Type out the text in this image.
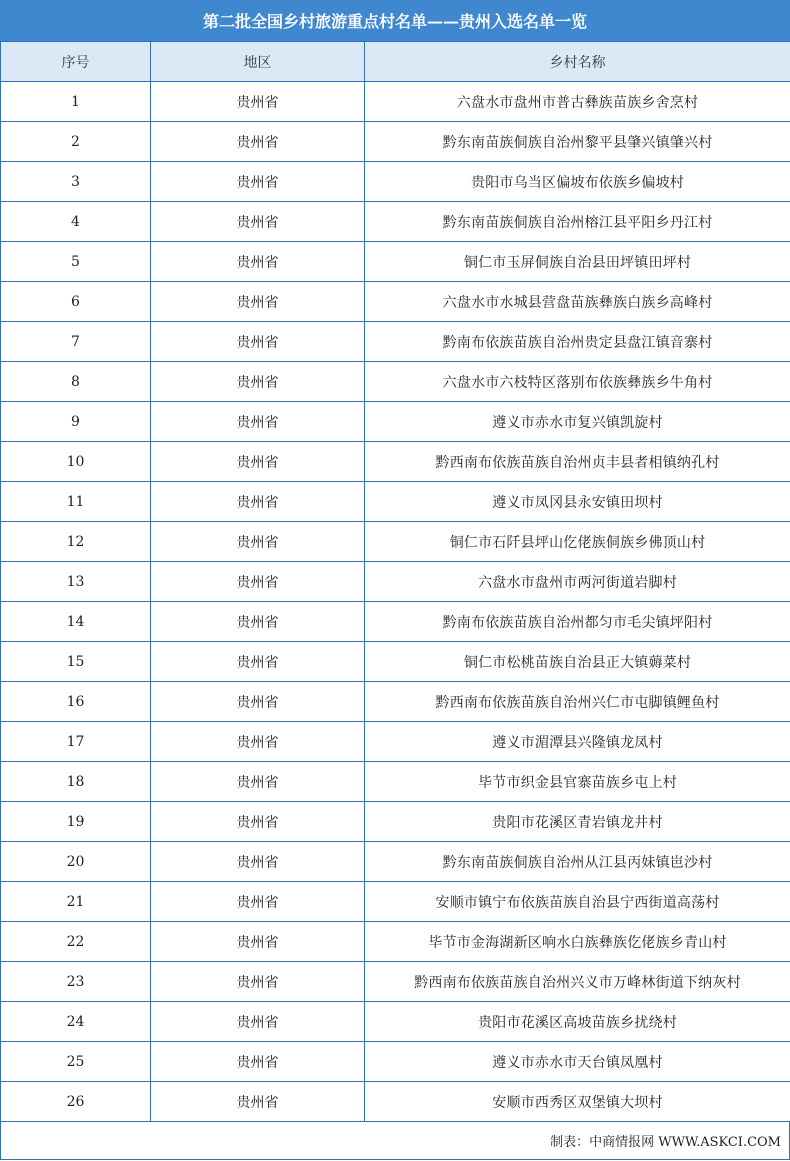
第二批全国乡村旅游重点村名单——贵州入选名单一览
序号	地区	乡村名称
1	贵州省	六盘水市盘州市普古彝族苗族乡舍烹村
2	贵州省	黔东南苗族侗族自治州黎平县肇兴镇肇兴村
3	贵州省	贵阳市乌当区偏坡布依族乡偏坡村
4	贵州省	黔东南苗族侗族自治州榕江县平阳乡丹江村
5	贵州省	铜仁市玉屏侗族自治县田坪镇田坪村
6	贵州省	六盘水市水城县营盘苗族彝族白族乡高峰村
7	贵州省	黔南布依族苗族自治州贵定县盘江镇音寨村
8	贵州省	六盘水市六枝特区落别布依族彝族乡牛角村
9	贵州省	遵义市赤水市复兴镇凯旋村
10	贵州省	黔西南布依族苗族自治州贞丰县者相镇纳孔村
11	贵州省	遵义市凤冈县永安镇田坝村
12	贵州省	铜仁市石阡县坪山仡佬族侗族乡佛顶山村
13	贵州省	六盘水市盘州市两河街道岩脚村
14	贵州省	黔南布依族苗族自治州都匀市毛尖镇坪阳村
15	贵州省	铜仁市松桃苗族自治县正大镇薅菜村
16	贵州省	黔西南布依族苗族自治州兴仁市屯脚镇鲤鱼村
17	贵州省	遵义市湄潭县兴隆镇龙凤村
18	贵州省	毕节市织金县官寨苗族乡屯上村
19	贵州省	贵阳市花溪区青岩镇龙井村
20	贵州省	黔东南苗族侗族自治州从江县丙妹镇岜沙村
21	贵州省	安顺市镇宁布依族苗族自治县宁西街道高荡村
22	贵州省	毕节市金海湖新区响水白族彝族仡佬族乡青山村
23	贵州省	黔西南布依族苗族自治州兴义市万峰林街道下纳灰村
24	贵州省	贵阳市花溪区高坡苗族乡扰绕村
25	贵州省	遵义市赤水市天台镇凤凰村
26	贵州省	安顺市西秀区双堡镇大坝村
制表：中商情报网 WWW.ASKCI.COM
